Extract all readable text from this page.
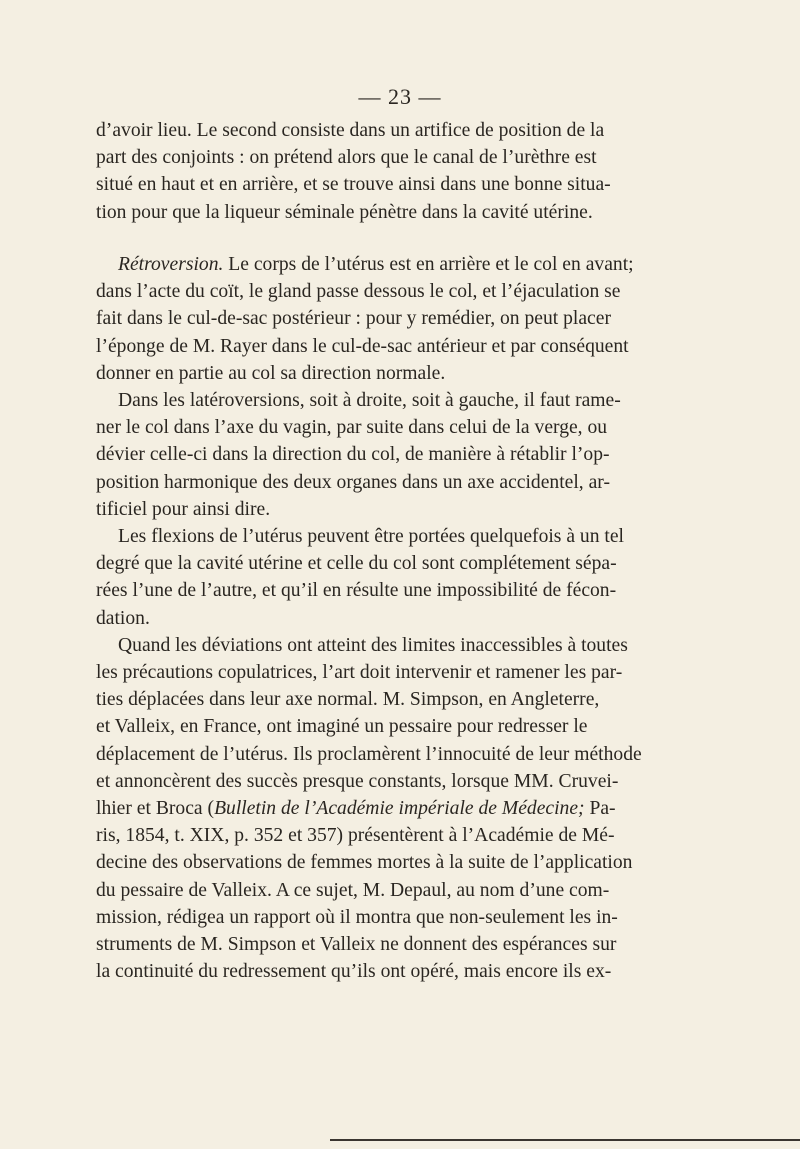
— 23 —
d’avoir lieu. Le second consiste dans un artifice de position de la
part des conjoints : on prétend alors que le canal de l’urèthre est
situé en haut et en arrière, et se trouve ainsi dans une bonne situa-
tion pour que la liqueur séminale pénètre dans la cavité utérine.
Rétroversion. Le corps de l’utérus est en arrière et le col en avant;
dans l’acte du coït, le gland passe dessous le col, et l’éjaculation se
fait dans le cul-de-sac postérieur : pour y remédier, on peut placer
l’éponge de M. Rayer dans le cul-de-sac antérieur et par conséquent
donner en partie au col sa direction normale.
Dans les latéroversions, soit à droite, soit à gauche, il faut rame-
ner le col dans l’axe du vagin, par suite dans celui de la verge, ou
dévier celle-ci dans la direction du col, de manière à rétablir l’op-
position harmonique des deux organes dans un axe accidentel, ar-
tificiel pour ainsi dire.
Les flexions de l’utérus peuvent être portées quelquefois à un tel
degré que la cavité utérine et celle du col sont complétement sépa-
rées l’une de l’autre, et qu’il en résulte une impossibilité de fécon-
dation.
Quand les déviations ont atteint des limites inaccessibles à toutes
les précautions copulatrices, l’art doit intervenir et ramener les par-
ties déplacées dans leur axe normal. M. Simpson, en Angleterre,
et Valleix, en France, ont imaginé un pessaire pour redresser le
déplacement de l’utérus. Ils proclamèrent l’innocuité de leur méthode
et annoncèrent des succès presque constants, lorsque MM. Cruvei-
lhier et Broca (Bulletin de l’Académie impériale de Médecine; Pa-
ris, 1854, t. XIX, p. 352 et 357) présentèrent à l’Académie de Mé-
decine des observations de femmes mortes à la suite de l’application
du pessaire de Valleix. A ce sujet, M. Depaul, au nom d’une com-
mission, rédigea un rapport où il montra que non-seulement les in-
struments de M. Simpson et Valleix ne donnent des espérances sur
la continuité du redressement qu’ils ont opéré, mais encore ils ex-
